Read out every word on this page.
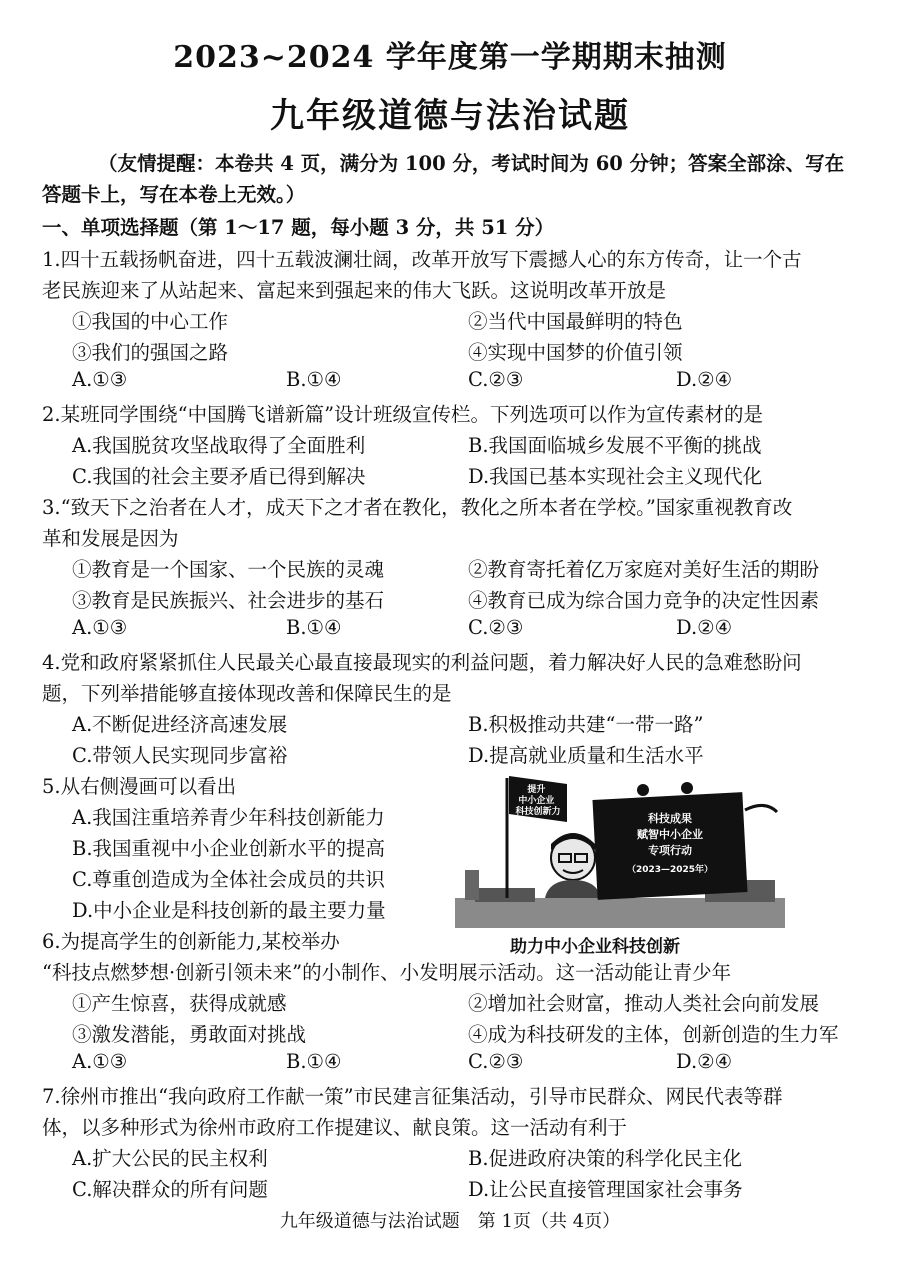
2023~2024 学年度第一学期期末抽测
九年级道德与法治试题
（友情提醒：本卷共 4 页，满分为 100 分，考试时间为 60 分钟；答案全部涂、写在答题卡上，写在本卷上无效。）
一、单项选择题（第 1～17 题，每小题 3 分，共 51 分）
1.四十五载扬帆奋进，四十五载波澜壮阔，改革开放写下震撼人心的东方传奇，让一个古
老民族迎来了从站起来、富起来到强起来的伟大飞跃。这说明改革开放是
①我国的中心工作	②当代中国最鲜明的特色
③我们的强国之路	④实现中国梦的价值引领
A.①③	B.①④	C.②③	D.②④
2.某班同学围绕“中国腾飞谱新篇”设计班级宣传栏。下列选项可以作为宣传素材的是
A.我国脱贫攻坚战取得了全面胜利	B.我国面临城乡发展不平衡的挑战
C.我国的社会主要矛盾已得到解决	D.我国已基本实现社会主义现代化
3.“致天下之治者在人才，成天下之才者在教化，教化之所本者在学校。”国家重视教育改
革和发展是因为
①教育是一个国家、一个民族的灵魂	②教育寄托着亿万家庭对美好生活的期盼
③教育是民族振兴、社会进步的基石	④教育已成为综合国力竞争的决定性因素
A.①③	B.①④	C.②③	D.②④
4.党和政府紧紧抓住人民最关心最直接最现实的利益问题，着力解决好人民的急难愁盼问
题，下列举措能够直接体现改善和保障民生的是
A.不断促进经济高速发展	B.积极推动共建“一带一路”
C.带领人民实现同步富裕	D.提高就业质量和生活水平
5.从右侧漫画可以看出
A.我国注重培养青少年科技创新能力
B.我国重视中小企业创新水平的提高
C.尊重创造成为全体社会成员的共识
D.中小企业是科技创新的最主要力量
提升 中小企业 科技创新力	科技成果
赋智中小企业
专项行动
（2023—2025年）
助力中小企业科技创新
6.为提高学生的创新能力,某校举办
“科技点燃梦想·创新引领未来”的小制作、小发明展示活动。这一活动能让青少年
①产生惊喜，获得成就感	②增加社会财富，推动人类社会向前发展
③激发潜能，勇敢面对挑战	④成为科技研发的主体，创新创造的生力军
A.①③	B.①④	C.②③	D.②④
7.徐州市推出“我向政府工作献一策”市民建言征集活动，引导市民群众、网民代表等群
体，以多种形式为徐州市政府工作提建议、献良策。这一活动有利于
A.扩大公民的民主权利	B.促进政府决策的科学化民主化
C.解决群众的所有问题	D.让公民直接管理国家社会事务
九年级道德与法治试题　第 1页（共 4页）
